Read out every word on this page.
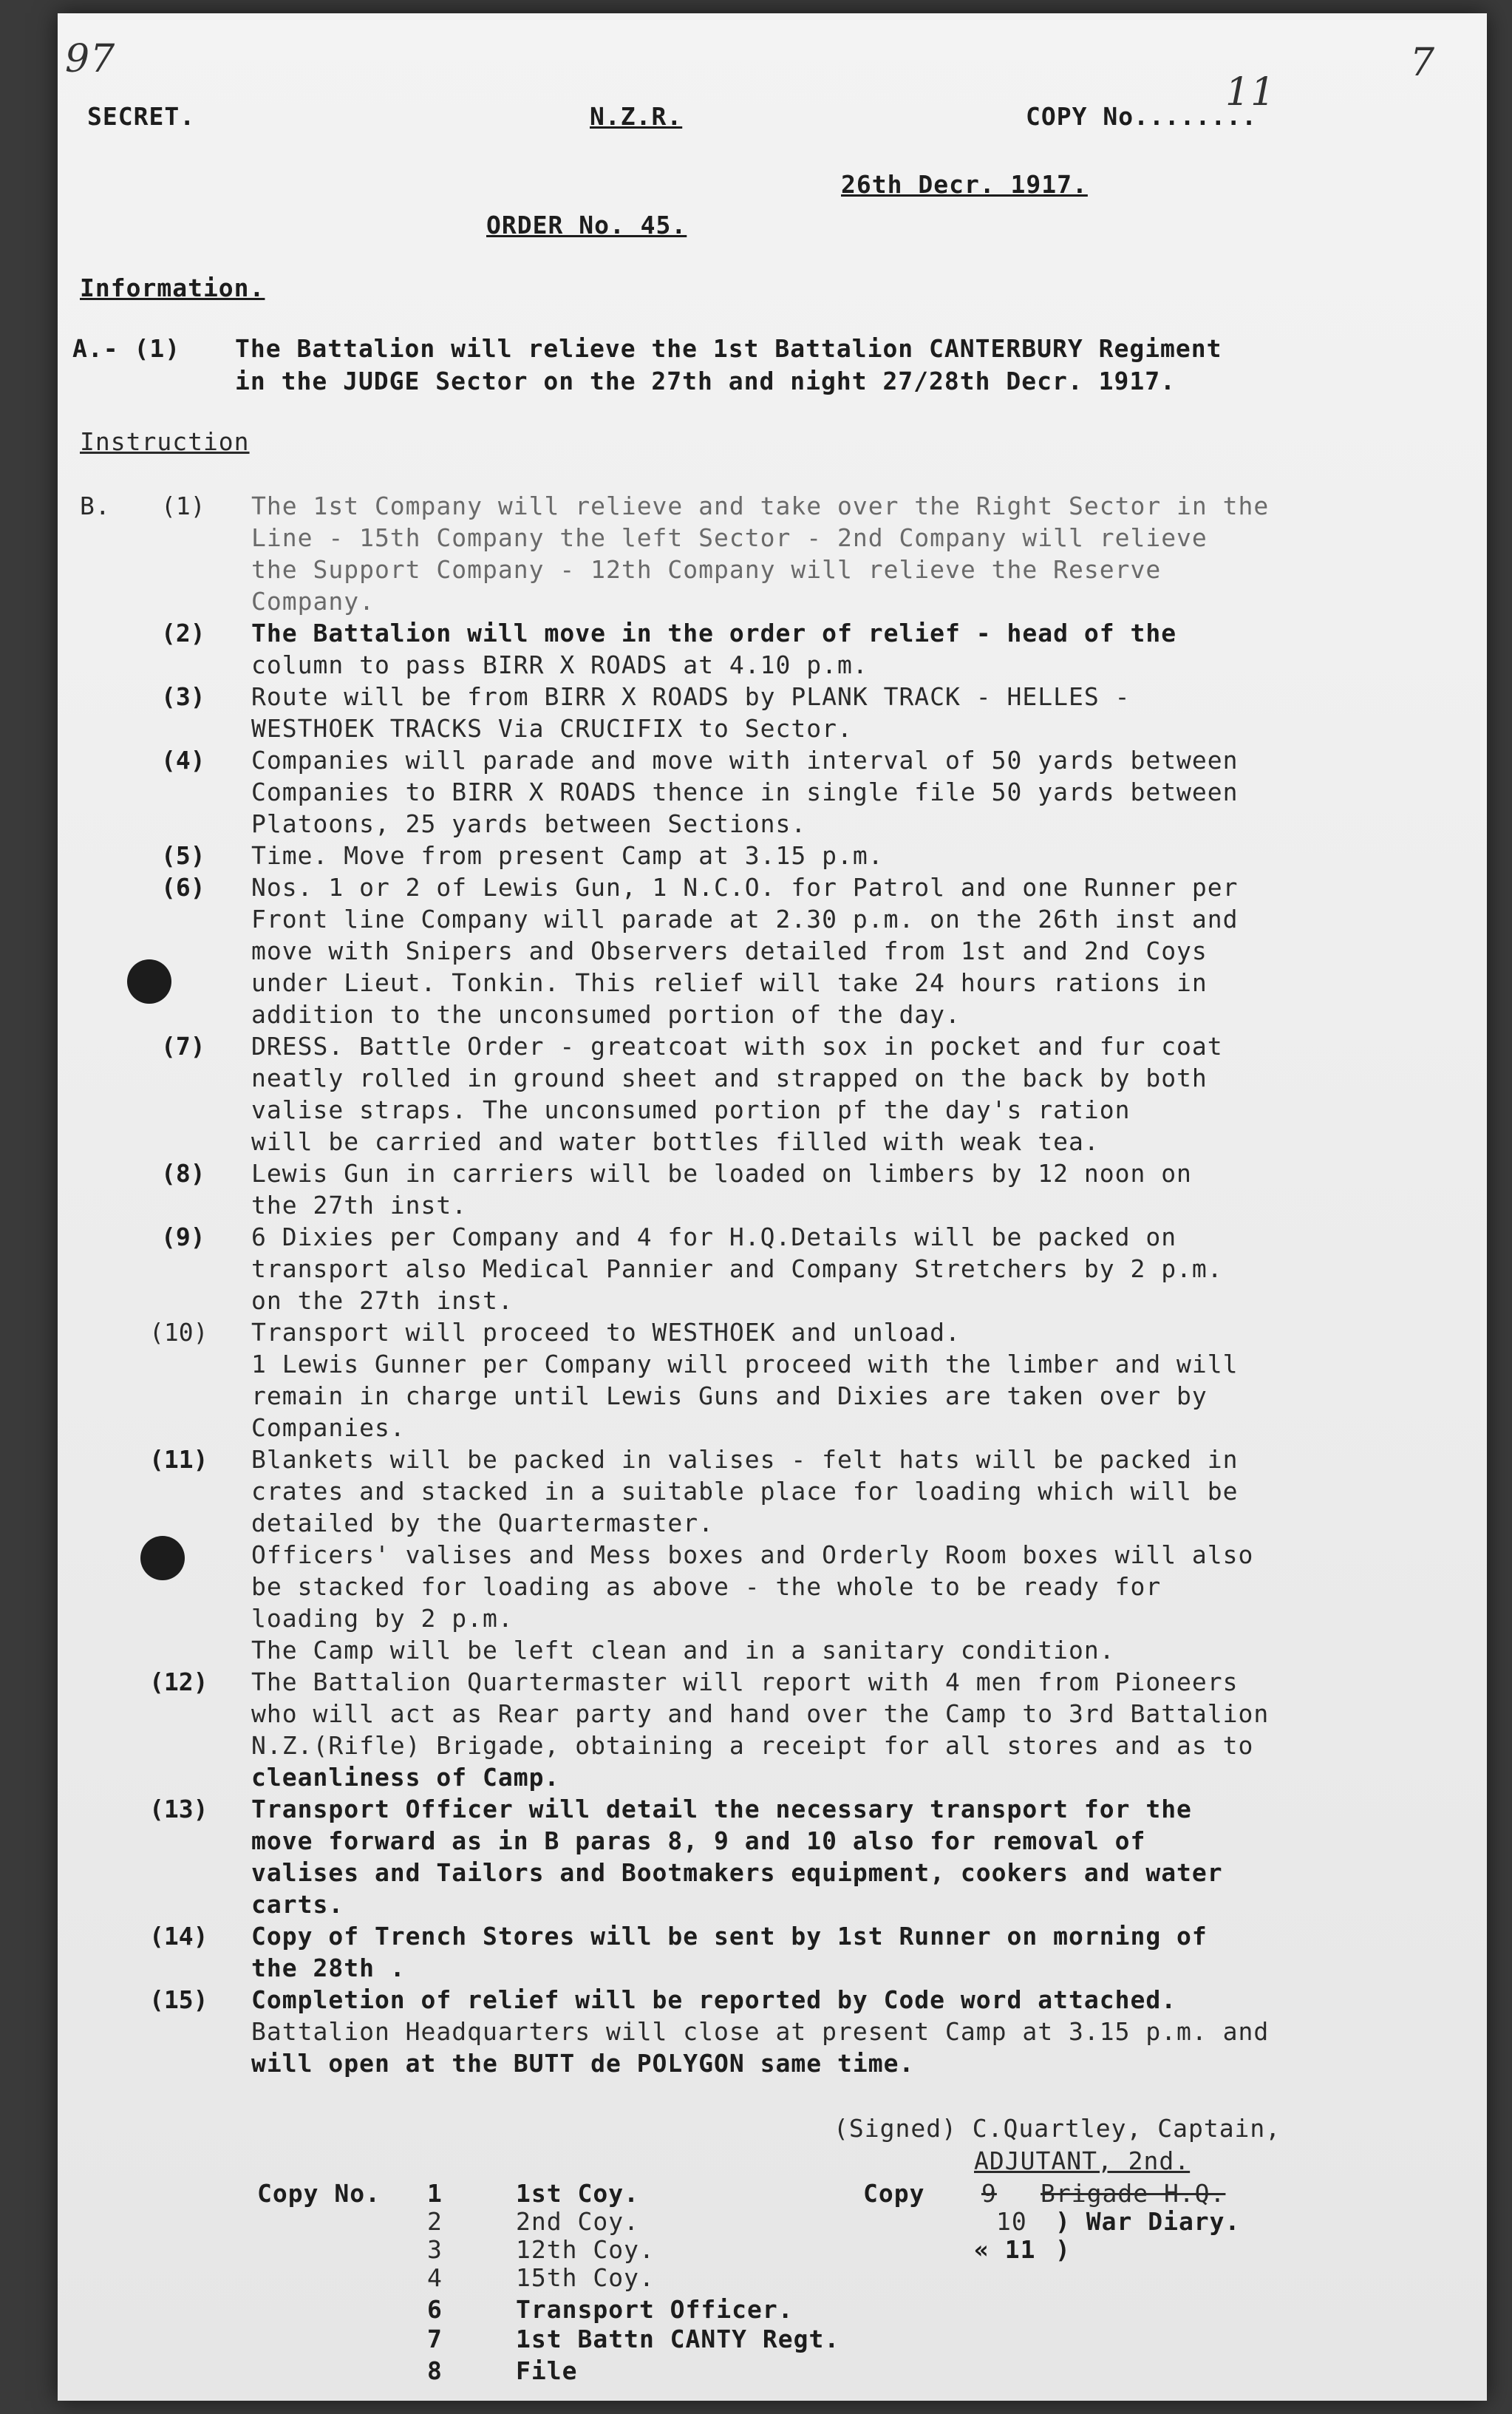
97
SECRET.	N.Z.R.	COPY No........
11
7
26th Decr. 1917.
ORDER No. 45.
Information.
A.- (1) The Battalion will relieve the 1st Battalion CANTERBURY Regiment
in the JUDGE Sector on the 27th and night 27/28th Decr. 1917.
Instruction
B. (1) The 1st Company will relieve and take over the Right Sector in the
Line - 15th Company the left Sector - 2nd Company will relieve
the Support Company - 12th Company will relieve the Reserve
Company.
(2) The Battalion will move in the order of relief - head of the
column to pass BIRR X ROADS at 4.10 p.m.
(3) Route will be from BIRR X ROADS by PLANK TRACK - HELLES -
WESTHOEK TRACKS Via CRUCIFIX to Sector.
(4) Companies will parade and move with interval of 50 yards between
Companies to BIRR X ROADS thence in single file 50 yards between
Platoons, 25 yards between Sections.
(5) Time. Move from present Camp at 3.15 p.m.
(6) Nos. 1 or 2 of Lewis Gun, 1 N.C.O. for Patrol and one Runner per
Front line Company will parade at 2.30 p.m. on the 26th inst and
move with Snipers and Observers detailed from 1st and 2nd Coys
under Lieut. Tonkin. This relief will take 24 hours rations in
addition to the unconsumed portion of the day.
(7) DRESS. Battle Order - greatcoat with sox in pocket and fur coat
neatly rolled in ground sheet and strapped on the back by both
valise straps. The unconsumed portion pf the day's ration
will be carried and water bottles filled with weak tea.
(8) Lewis Gun in carriers will be loaded on limbers by 12 noon on
the 27th inst.
(9) 6 Dixies per Company and 4 for H.Q.Details will be packed on
transport also Medical Pannier and Company Stretchers by 2 p.m.
on the 27th inst.
(10) Transport will proceed to WESTHOEK and unload.
1 Lewis Gunner per Company will proceed with the limber and will
remain in charge until Lewis Guns and Dixies are taken over by
Companies.
(11) Blankets will be packed in valises - felt hats will be packed in
crates and stacked in a suitable place for loading which will be
detailed by the Quartermaster.
Officers' valises and Mess boxes and Orderly Room boxes will also
be stacked for loading as above - the whole to be ready for
loading by 2 p.m.
The Camp will be left clean and in a sanitary condition.
(12) The Battalion Quartermaster will report with 4 men from Pioneers
who will act as Rear party and hand over the Camp to 3rd Battalion
N.Z.(Rifle) Brigade, obtaining a receipt for all stores and as to
cleanliness of Camp.
(13) Transport Officer will detail the necessary transport for the
move forward as in B paras 8, 9 and 10 also for removal of
valises and Tailors and Bootmakers equipment, cookers and water
carts.
(14) Copy of Trench Stores will be sent by 1st Runner on morning of
the 28th .
(15) Completion of relief will be reported by Code word attached.
Battalion Headquarters will close at present Camp at 3.15 p.m. and
will open at the BUTT de POLYGON same time.
(Signed) C.Quartley, Captain,
ADJUTANT, 2nd.
Copy No. 1	1st Coy.
2	2nd Coy.
3	12th Coy.
4	15th Coy.
6	Transport Officer.
7	1st Battn CANTY Regt.
8	File
Copy 9 Brigade H.Q.
10 ) War Diary.
« 11 )
